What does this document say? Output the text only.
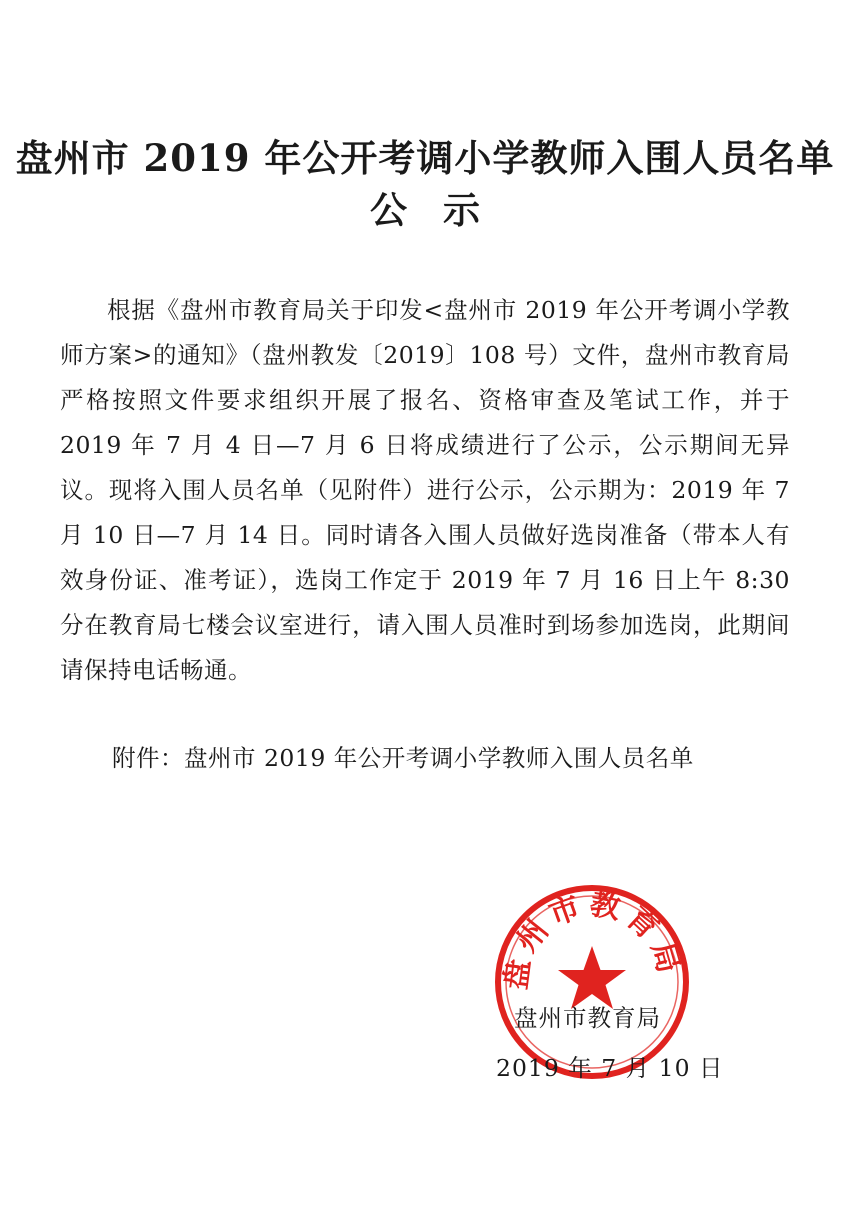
盘州市 2019 年公开考调小学教师入围人员名单
公示

根据《盘州市教育局关于印发<盘州市 2019 年公开考调小学教师方案>的通知》（盘州教发〔2019〕108 号）文件，盘州市教育局严格按照文件要求组织开展了报名、资格审查及笔试工作，并于 2019 年 7 月 4 日—7 月 6 日将成绩进行了公示，公示期间无异议。现将入围人员名单（见附件）进行公示，公示期为：2019 年 7 月 10 日—7 月 14 日。同时请各入围人员做好选岗准备（带本人有效身份证、准考证），选岗工作定于 2019 年 7 月 16 日上午 8:30 分在教育局七楼会议室进行，请入围人员准时到场参加选岗，此期间请保持电话畅通。

附件：盘州市 2019 年公开考调小学教师入围人员名单

盘州市教育局

盘州市教育局

2019 年 7 月 10 日
